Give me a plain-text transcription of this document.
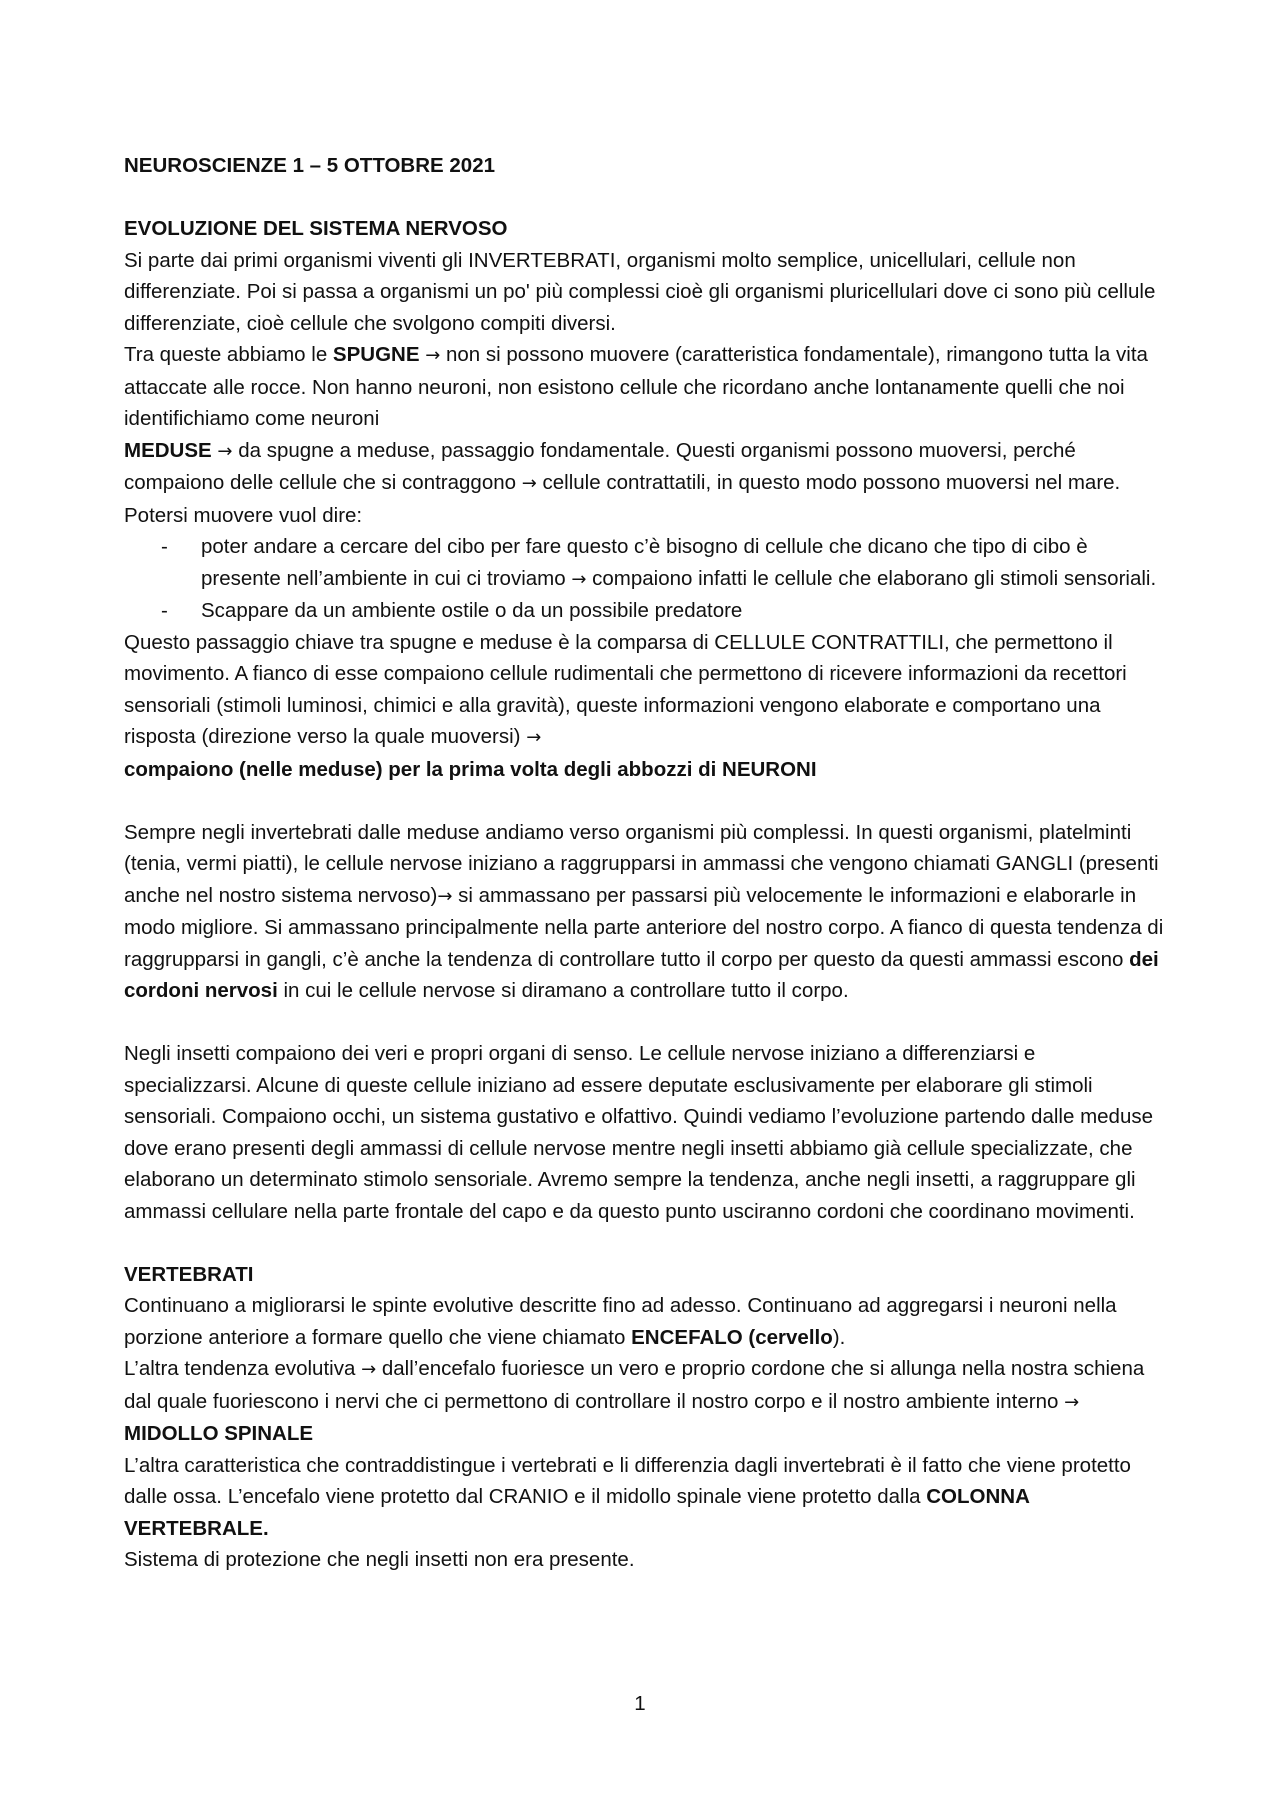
NEUROSCIENZE 1 – 5 OTTOBRE 2021

EVOLUZIONE DEL SISTEMA NERVOSO

Si parte dai primi organismi viventi gli INVERTEBRATI, organismi molto semplice, unicellulari, cellule non differenziate. Poi si passa a organismi un po' più complessi cioè gli organismi pluricellulari dove ci sono più cellule differenziate, cioè cellule che svolgono compiti diversi.

Tra queste abbiamo le SPUGNE → non si possono muovere (caratteristica fondamentale), rimangono tutta la vita attaccate alle rocce. Non hanno neuroni, non esistono cellule che ricordano anche lontanamente quelli che noi identifichiamo come neuroni

MEDUSE → da spugne a meduse, passaggio fondamentale. Questi organismi possono muoversi, perché compaiono delle cellule che si contraggono → cellule contrattatili, in questo modo possono muoversi nel mare. Potersi muovere vuol dire:

- poter andare a cercare del cibo per fare questo c’è bisogno di cellule che dicano che tipo di cibo è presente nell’ambiente in cui ci troviamo → compaiono infatti le cellule che elaborano gli stimoli sensoriali.
- Scappare da un ambiente ostile o da un possibile predatore

Questo passaggio chiave tra spugne e meduse è la comparsa di CELLULE CONTRATTILI, che permettono il movimento. A fianco di esse compaiono cellule rudimentali che permettono di ricevere informazioni da recettori sensoriali (stimoli luminosi, chimici e alla gravità), queste informazioni vengono elaborate e comportano una risposta (direzione verso la quale muoversi) →
compaiono (nelle meduse) per la prima volta degli abbozzi di NEURONI

Sempre negli invertebrati dalle meduse andiamo verso organismi più complessi. In questi organismi, platelminti (tenia, vermi piatti), le cellule nervose iniziano a raggrupparsi in ammassi che vengono chiamati GANGLI (presenti anche nel nostro sistema nervoso)→ si ammassano per passarsi più velocemente le informazioni e elaborarle in modo migliore. Si ammassano principalmente nella parte anteriore del nostro corpo. A fianco di questa tendenza di raggrupparsi in gangli, c’è anche la tendenza di controllare tutto il corpo per questo da questi ammassi escono dei cordoni nervosi in cui le cellule nervose si diramano a controllare tutto il corpo.

Negli insetti compaiono dei veri e propri organi di senso. Le cellule nervose iniziano a differenziarsi e specializzarsi. Alcune di queste cellule iniziano ad essere deputate esclusivamente per elaborare gli stimoli sensoriali. Compaiono occhi, un sistema gustativo e olfattivo. Quindi vediamo l’evoluzione partendo dalle meduse dove erano presenti degli ammassi di cellule nervose mentre negli insetti abbiamo già cellule specializzate, che elaborano un determinato stimolo sensoriale. Avremo sempre la tendenza, anche negli insetti, a raggruppare gli ammassi cellulare nella parte frontale del capo e da questo punto usciranno cordoni che coordinano movimenti.

VERTEBRATI

Continuano a migliorarsi le spinte evolutive descritte fino ad adesso. Continuano ad aggregarsi i neuroni nella porzione anteriore a formare quello che viene chiamato ENCEFALO (cervello).

L’altra tendenza evolutiva → dall’encefalo fuoriesce un vero e proprio cordone che si allunga nella nostra schiena dal quale fuoriescono i nervi che ci permettono di controllare il nostro corpo e il nostro ambiente interno → MIDOLLO SPINALE

L’altra caratteristica che contraddistingue i vertebrati e li differenzia dagli invertebrati è il fatto che viene protetto dalle ossa. L’encefalo viene protetto dal CRANIO e il midollo spinale viene protetto dalla COLONNA VERTEBRALE.

Sistema di protezione che negli insetti non era presente.

1
